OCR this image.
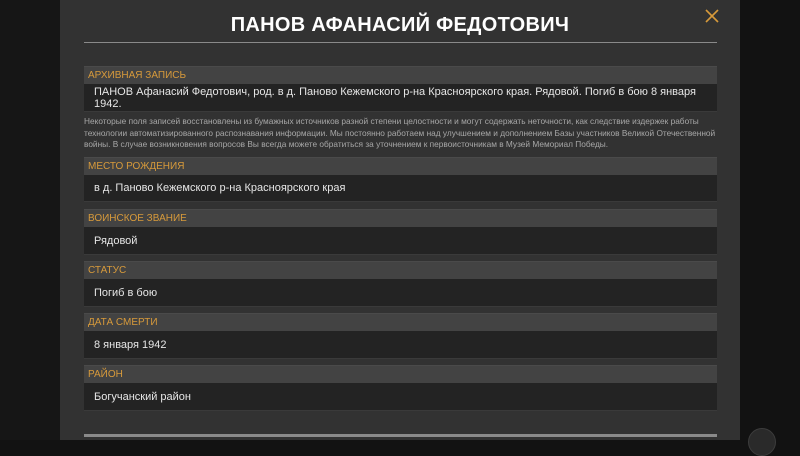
ПАНОВ АФАНАСИЙ ФЕДОТОВИЧ
АРХИВНАЯ ЗАПИСЬ
ПАНОВ Афанасий Федотович, род. в д. Паново Кежемского р-на Красноярского края. Рядовой. Погиб в бою 8 января 1942.
Некоторые поля записей восстановлены из бумажных источников разной степени целостности и могут содержать неточности, как следствие издержек работы технологии автоматизированного распознавания информации. Мы постоянно работаем над улучшением и дополнением Базы участников Великой Отечественной войны. В случае возникновения вопросов Вы всегда можете обратиться за уточнением к первоисточникам в Музей Мемориал Победы.
МЕСТО РОЖДЕНИЯ
в д. Паново Кежемского р-на Красноярского края
ВОИНСКОЕ ЗВАНИЕ
Рядовой
СТАТУС
Погиб в бою
ДАТА СМЕРТИ
8 января 1942
РАЙОН
Богучанский район
